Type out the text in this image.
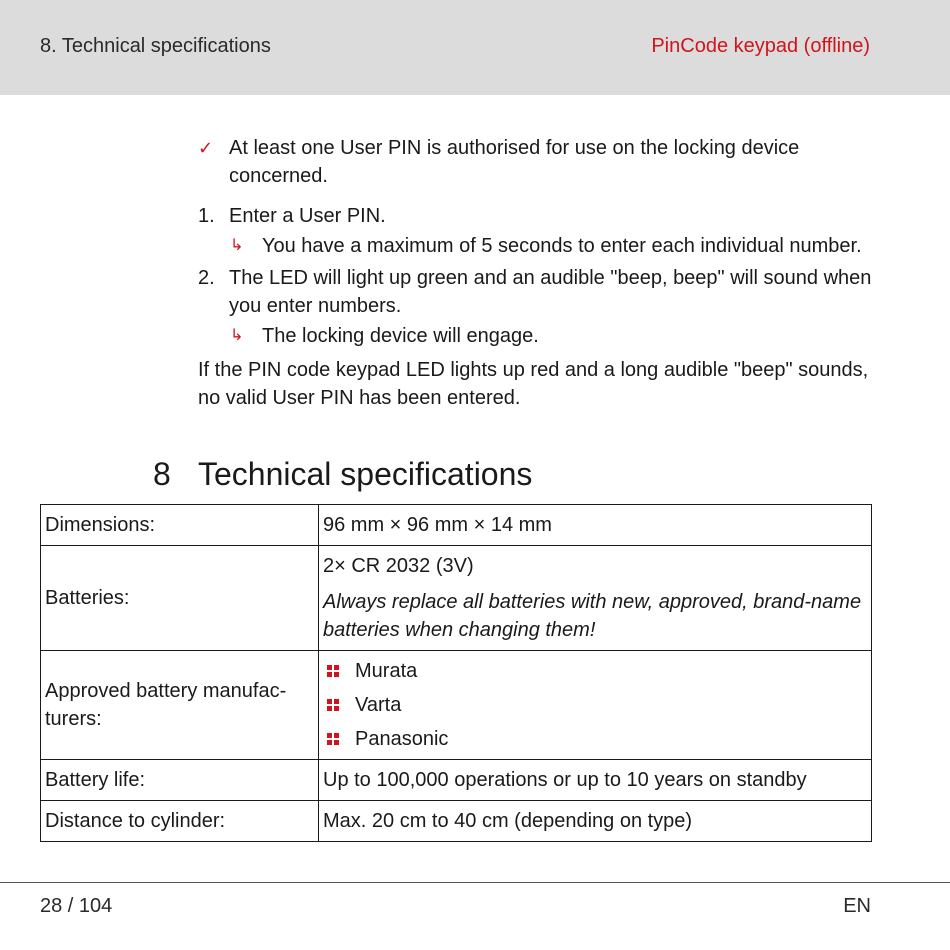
8. Technical specifications	PinCode keypad (offline)
✓ At least one User PIN is authorised for use on the locking device concerned.
1. Enter a User PIN.
↳ You have a maximum of 5 seconds to enter each individual number.
2. The LED will light up green and an audible "beep, beep" will sound when you enter numbers.
↳ The locking device will engage.
If the PIN code keypad LED lights up red and a long audible "beep" sounds, no valid User PIN has been entered.
8 Technical specifications
Dimensions:	96 mm × 96 mm × 14 mm
Batteries:	2× CR 2032 (3V)
Always replace all batteries with new, approved, brand-name batteries when changing them!

Approved battery manufac-turers:	Murata
Varta
Panasonic

Battery life:	Up to 100,000 operations or up to 10 years on standby
Distance to cylinder:	Max. 20 cm to 40 cm (depending on type)
28 / 104	EN
